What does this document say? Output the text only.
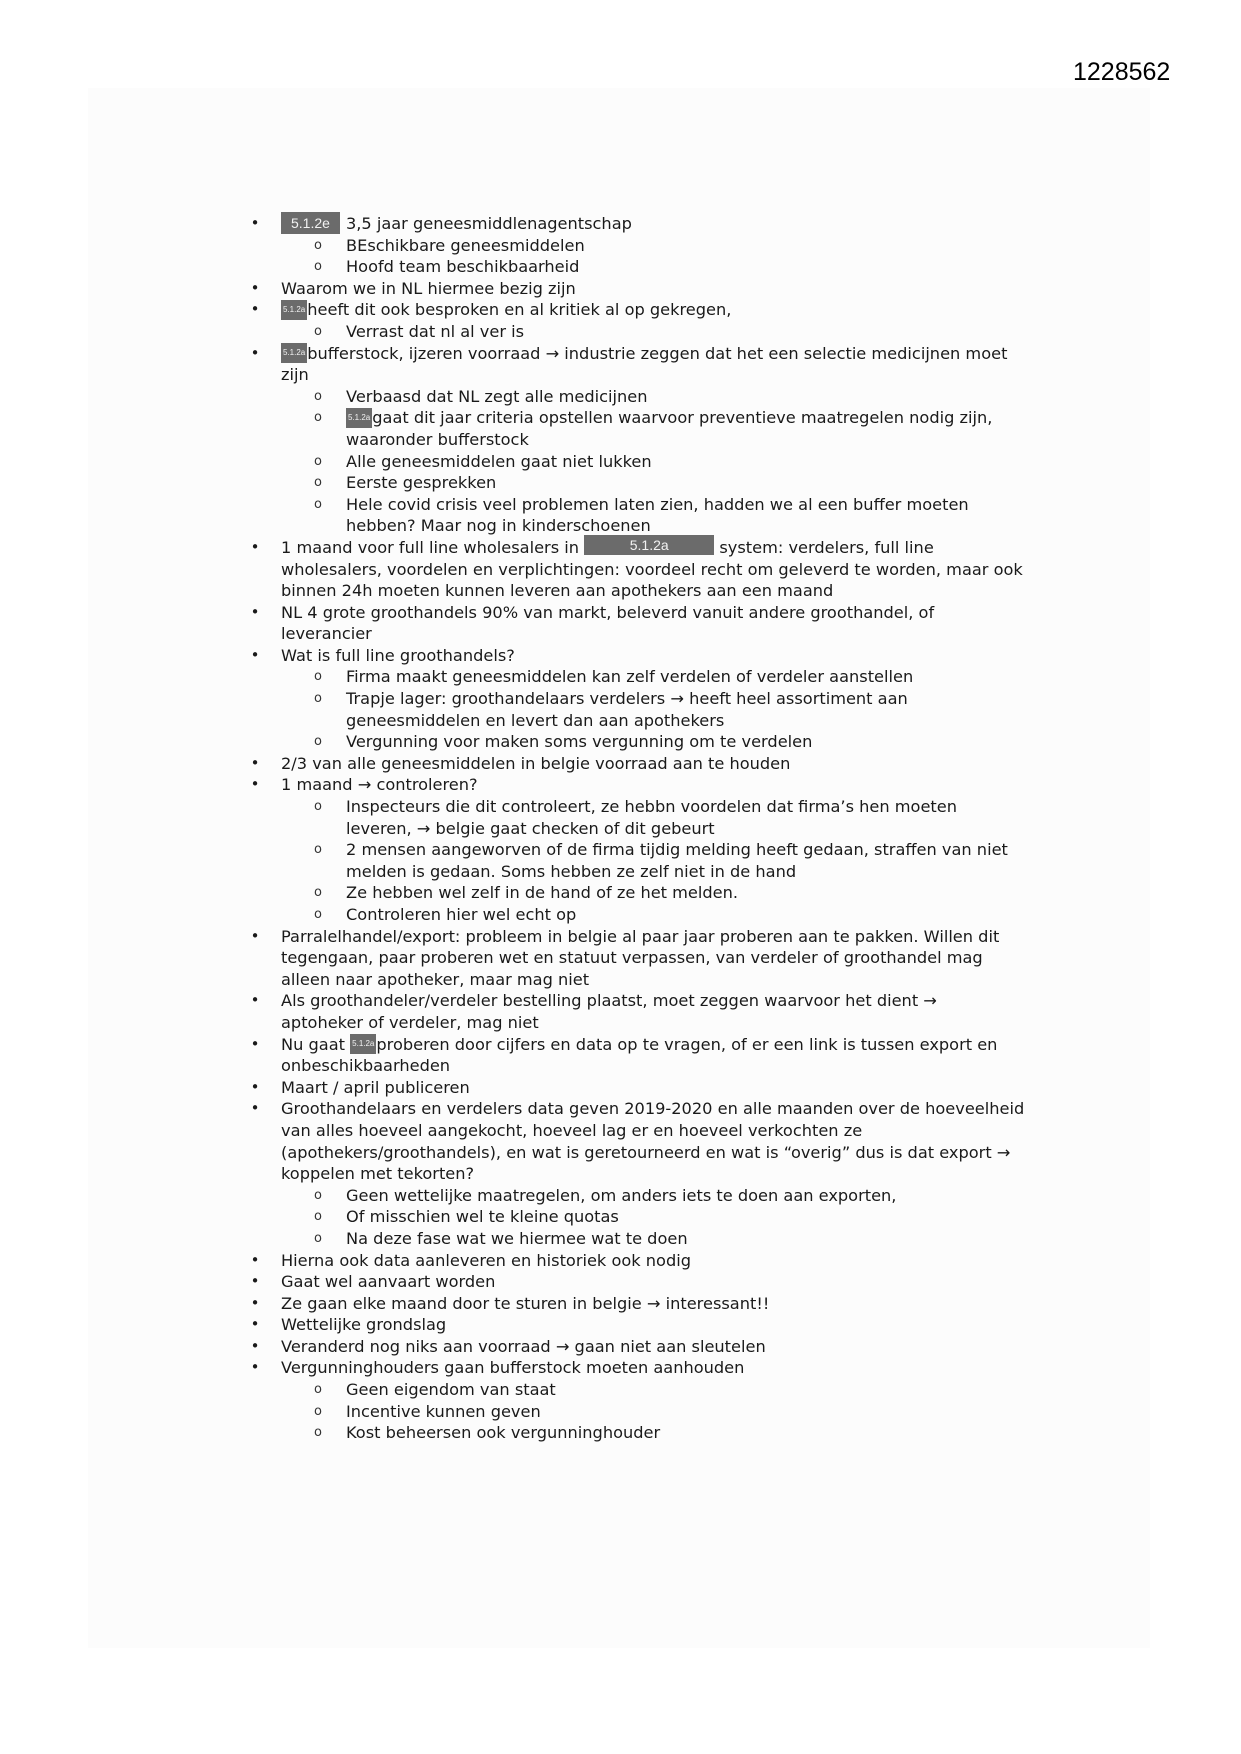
1228562
•	5.1.2e 3,5 jaar geneesmiddlenagentschap
o BEschikbare geneesmiddelen
o Hoofd team beschikbaarheid
• Waarom we in NL hiermee bezig zijn
•	5.1.2a heeft dit ook besproken en al kritiek al op gekregen,
o Verrast dat nl al ver is
•	5.1.2a bufferstock, ijzeren voorraad → industrie zeggen dat het een selectie medicijnen moet
zijn
o Verbaasd dat NL zegt alle medicijnen
o	5.1.2a gaat dit jaar criteria opstellen waarvoor preventieve maatregelen nodig zijn,
waaronder bufferstock
o Alle geneesmiddelen gaat niet lukken
o Eerste gesprekken
o Hele covid crisis veel problemen laten zien, hadden we al een buffer moeten
hebben? Maar nog in kinderschoenen
• 1 maand voor full line wholesalers in	5.1.2a	system: verdelers, full line
wholesalers, voordelen en verplichtingen: voordeel recht om geleverd te worden, maar ook
binnen 24h moeten kunnen leveren aan apothekers aan een maand
• NL 4 grote groothandels 90% van markt, beleverd vanuit andere groothandel, of
leverancier
• Wat is full line groothandels?
o Firma maakt geneesmiddelen kan zelf verdelen of verdeler aanstellen
o Trapje lager: groothandelaars verdelers → heeft heel assortiment aan
geneesmiddelen en levert dan aan apothekers
o Vergunning voor maken soms vergunning om te verdelen
• 2/3 van alle geneesmiddelen in belgie voorraad aan te houden
• 1 maand → controleren?
o Inspecteurs die dit controleert, ze hebbn voordelen dat firma’s hen moeten
leveren, → belgie gaat checken of dit gebeurt
o 2 mensen aangeworven of de firma tijdig melding heeft gedaan, straffen van niet
melden is gedaan. Soms hebben ze zelf niet in de hand
o Ze hebben wel zelf in de hand of ze het melden.
o Controleren hier wel echt op
• Parralelhandel/export: probleem in belgie al paar jaar proberen aan te pakken. Willen dit
tegengaan, paar proberen wet en statuut verpassen, van verdeler of groothandel mag
alleen naar apotheker, maar mag niet
• Als groothandeler/verdeler bestelling plaatst, moet zeggen waarvoor het dient →
aptoheker of verdeler, mag niet
• Nu gaat 5.1.2a proberen door cijfers en data op te vragen, of er een link is tussen export en
onbeschikbaarheden
• Maart / april publiceren
• Groothandelaars en verdelers data geven 2019-2020 en alle maanden over de hoeveelheid
van alles hoeveel aangekocht, hoeveel lag er en hoeveel verkochten ze
(apothekers/groothandels), en wat is geretourneerd en wat is “overig” dus is dat export →
koppelen met tekorten?
o Geen wettelijke maatregelen, om anders iets te doen aan exporten,
o Of misschien wel te kleine quotas
o Na deze fase wat we hiermee wat te doen
• Hierna ook data aanleveren en historiek ook nodig
• Gaat wel aanvaart worden
• Ze gaan elke maand door te sturen in belgie → interessant!!
• Wettelijke grondslag
• Veranderd nog niks aan voorraad → gaan niet aan sleutelen
• Vergunninghouders gaan bufferstock moeten aanhouden
o Geen eigendom van staat
o Incentive kunnen geven
o Kost beheersen ook vergunninghouder
